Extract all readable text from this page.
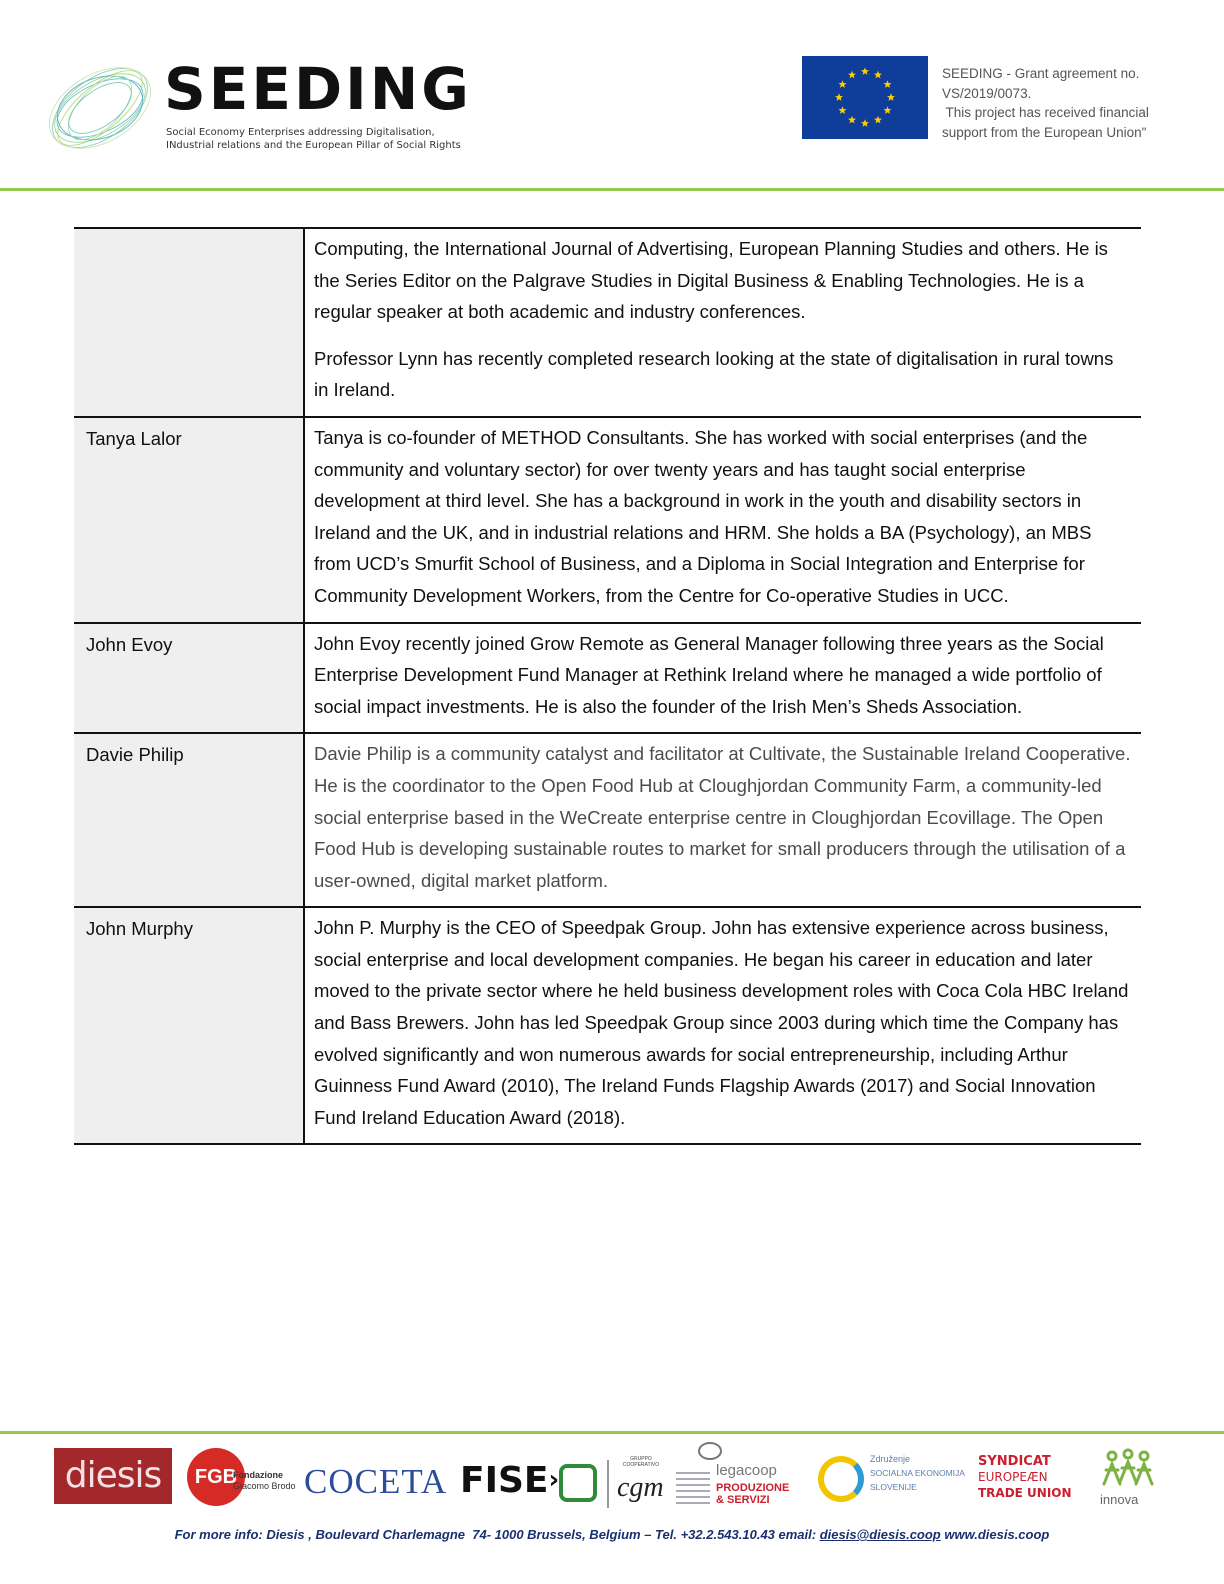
SEEDING
Social Economy Enterprises addressing Digitalisation,
INdustrial relations and the European Pillar of Social Rights
SEEDING - Grant agreement no.
VS/2019/0073.
This project has received financial
support from the European Union"

	Computing, the International Journal of Advertising, European Planning Studies and others. He is the Series Editor on the Palgrave Studies in Digital Business & Enabling Technologies. He is a regular speaker at both academic and industry conferences.

Professor Lynn has recently completed research looking at the state of digitalisation in rural towns in Ireland.

Tanya Lalor	Tanya is co-founder of METHOD Consultants. She has worked with social enterprises (and the community and voluntary sector) for over twenty years and has taught social enterprise development at third level. She has a background in work in the youth and disability sectors in Ireland and the UK, and in industrial relations and HRM. She holds a BA (Psychology), an MBS from UCD’s Smurfit School of Business, and a Diploma in Social Integration and Enterprise for Community Development Workers, from the Centre for Co-operative Studies in UCC.

John Evoy	John Evoy recently joined Grow Remote as General Manager following three years as the Social Enterprise Development Fund Manager at Rethink Ireland where he managed a wide portfolio of social impact investments. He is also the founder of the Irish Men’s Sheds Association.

Davie Philip	Davie Philip is a community catalyst and facilitator at Cultivate, the Sustainable Ireland Cooperative. He is the coordinator to the Open Food Hub at Cloughjordan Community Farm, a community-led social enterprise based in the WeCreate enterprise centre in Cloughjordan Ecovillage. The Open Food Hub is developing sustainable routes to market for small producers through the utilisation of a user-owned, digital market platform.

John Murphy	John P. Murphy is the CEO of Speedpak Group. John has extensive experience across business, social enterprise and local development companies. He began his career in education and later moved to the private sector where he held business development roles with Coca Cola HBC Ireland and Bass Brewers. John has led Speedpak Group since 2003 during which time the Company has evolved significantly and won numerous awards for social entrepreneurship, including Arthur Guinness Fund Award (2010), The Ireland Funds Flagship Awards (2017) and Social Innovation Fund Ireland Education Award (2018).

diesis	FGB
Fondazione
Giacomo Brodo COCETA FISE›
GRUPPO COOPERATIVO
cgm
legacoop
PRODUZIONE
& SERVIZI
Združenje
SOCIALNA EKONOMIJA
SLOVENIJE
SYNDICAT
EUROPEÆN
TRADE UNION innova
For more info: Diesis , Boulevard Charlemagne  74- 1000 Brussels, Belgium – Tel. +32.2.543.10.43 email: diesis@diesis.coop www.diesis.coop
